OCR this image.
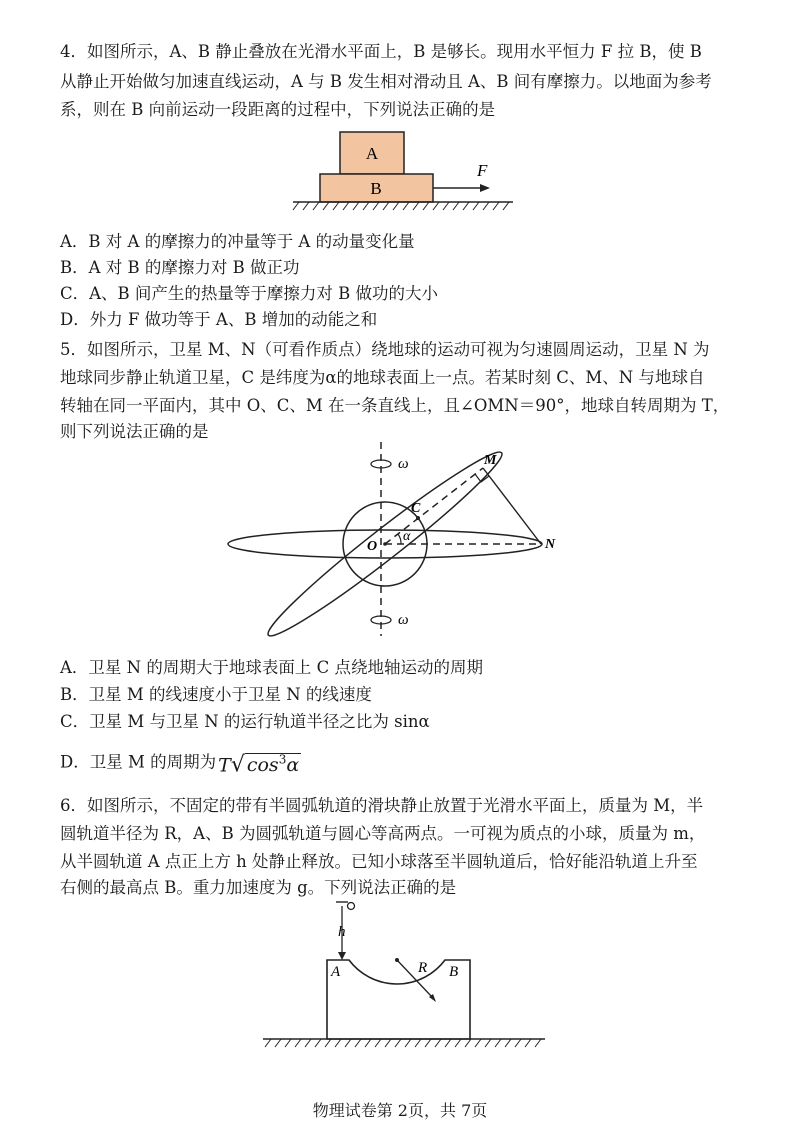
4．如图所示，A、B 静止叠放在光滑水平面上，B 是够长。现用水平恒力 F 拉 B，使 B
从静止开始做匀加速直线运动，A 与 B 发生相对滑动且 A、B 间有摩擦力。以地面为参考
系，则在 B 向前运动一段距离的过程中，下列说法正确的是
A
B
F
A．B 对 A 的摩擦力的冲量等于 A 的动量变化量
B．A 对 B 的摩擦力对 B 做正功
C．A、B 间产生的热量等于摩擦力对 B 做功的大小
D．外力 F 做功等于 A、B 增加的动能之和
5．如图所示，卫星 M、N（可看作质点）绕地球的运动可视为匀速圆周运动，卫星 N 为
地球同步静止轨道卫星，C 是纬度为α的地球表面上一点。若某时刻 C、M、N 与地球自
转轴在同一平面内，其中 O、C、M 在一条直线上，且∠OMN＝90°，地球自转周期为 T，
则下列说法正确的是
ω
ω
O
α
C
M
N
A．卫星 N 的周期大于地球表面上 C 点绕地轴运动的周期
B．卫星 M 的线速度小于卫星 N 的线速度
C．卫星 M 与卫星 N 的运行轨道半径之比为 sinα
D．卫星 M 的周期为 T√ $\cos^3\alpha$
6．如图所示，不固定的带有半圆弧轨道的滑块静止放置于光滑水平面上，质量为 M，半
圆轨道半径为 R，A、B 为圆弧轨道与圆心等高两点。一可视为质点的小球，质量为 m，
从半圆轨道 A 点正上方 h 处静止释放。已知小球落至半圆轨道后，恰好能沿轨道上升至
右侧的最高点 B。重力加速度为 g。下列说法正确的是
h
A	B
R
物理试卷第 2页，共 7页
